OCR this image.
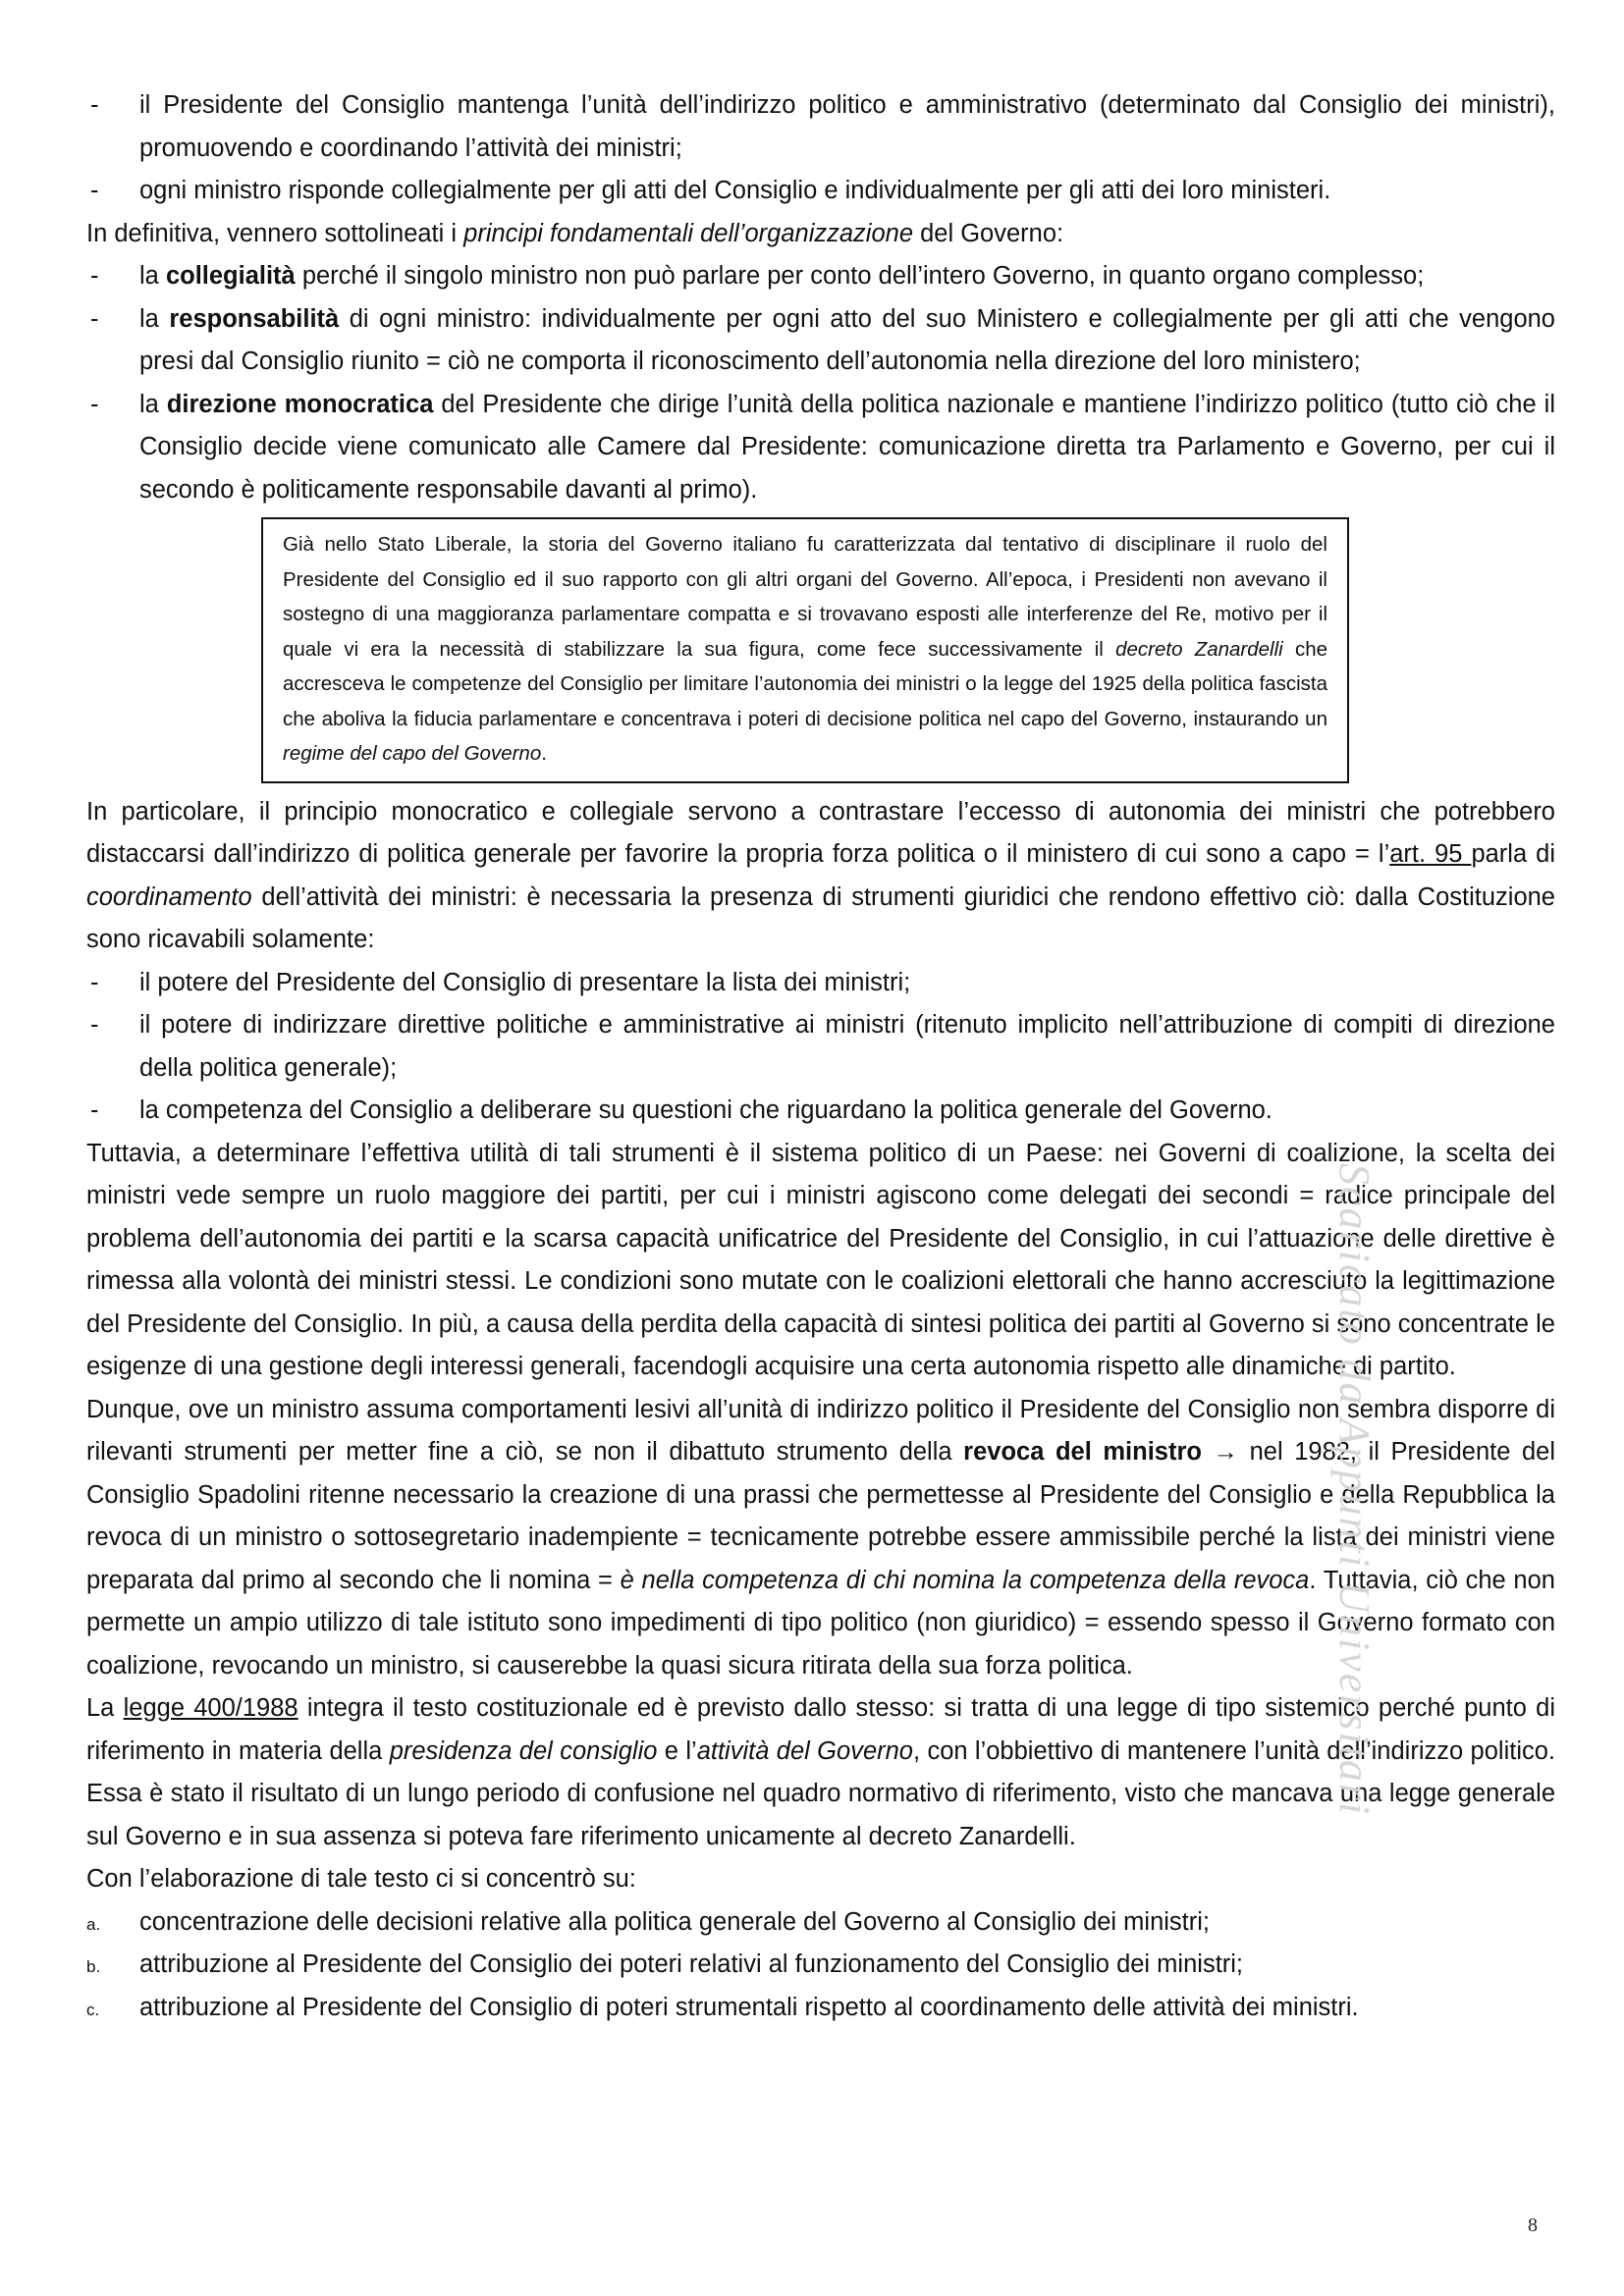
- il Presidente del Consiglio mantenga l’unità dell’indirizzo politico e amministrativo (determinato dal Consiglio dei ministri), promuovendo e coordinando l’attività dei ministri;

- ogni ministro risponde collegialmente per gli atti del Consiglio e individualmente per gli atti dei loro ministeri.

In definitiva, vennero sottolineati i principi fondamentali dell’organizzazione del Governo:

- la collegialità perché il singolo ministro non può parlare per conto dell’intero Governo, in quanto organo complesso;

- la responsabilità di ogni ministro: individualmente per ogni atto del suo Ministero e collegialmente per gli atti che vengono presi dal Consiglio riunito = ciò ne comporta il riconoscimento dell’autonomia nella direzione del loro ministero;

- la direzione monocratica del Presidente che dirige l’unità della politica nazionale e mantiene l’indirizzo politico (tutto ciò che il Consiglio decide viene comunicato alle Camere dal Presidente: comunicazione diretta tra Parlamento e Governo, per cui il secondo è politicamente responsabile davanti al primo).

Già nello Stato Liberale, la storia del Governo italiano fu caratterizzata dal tentativo di disciplinare il ruolo del Presidente del Consiglio ed il suo rapporto con gli altri organi del Governo. All’epoca, i Presidenti non avevano il sostegno di una maggioranza parlamentare compatta e si trovavano esposti alle interferenze del Re, motivo per il quale vi era la necessità di stabilizzare la sua figura, come fece successivamente il decreto Zanardelli che accresceva le competenze del Consiglio per limitare l’autonomia dei ministri o la legge del 1925 della politica fascista che aboliva la fiducia parlamentare e concentrava i poteri di decisione politica nel capo del Governo, instaurando un regime del capo del Governo.

In particolare, il principio monocratico e collegiale servono a contrastare l’eccesso di autonomia dei ministri che potrebbero distaccarsi dall’indirizzo di politica generale per favorire la propria forza politica o il ministero di cui sono a capo = l’art. 95 parla di coordinamento dell’attività dei ministri: è necessaria la presenza di strumenti giuridici che rendono effettivo ciò: dalla Costituzione sono ricavabili solamente:

- il potere del Presidente del Consiglio di presentare la lista dei ministri;

- il potere di indirizzare direttive politiche e amministrative ai ministri (ritenuto implicito nell’attribuzione di compiti di direzione della politica generale);

- la competenza del Consiglio a deliberare su questioni che riguardano la politica generale del Governo.

Tuttavia, a determinare l’effettiva utilità di tali strumenti è il sistema politico di un Paese: nei Governi di coalizione, la scelta dei ministri vede sempre un ruolo maggiore dei partiti, per cui i ministri agiscono come delegati dei secondi = radice principale del problema dell’autonomia dei partiti e la scarsa capacità unificatrice del Presidente del Consiglio, in cui l’attuazione delle direttive è rimessa alla volontà dei ministri stessi. Le condizioni sono mutate con le coalizioni elettorali che hanno accresciuto la legittimazione del Presidente del Consiglio. In più, a causa della perdita della capacità di sintesi politica dei partiti al Governo si sono concentrate le esigenze di una gestione degli interessi generali, facendogli acquisire una certa autonomia rispetto alle dinamiche di partito.

Dunque, ove un ministro assuma comportamenti lesivi all’unità di indirizzo politico il Presidente del Consiglio non sembra disporre di rilevanti strumenti per metter fine a ciò, se non il dibattuto strumento della revoca del ministro → nel 1982, il Presidente del Consiglio Spadolini ritenne necessario la creazione di una prassi che permettesse al Presidente del Consiglio e della Repubblica la revoca di un ministro o sottosegretario inadempiente = tecnicamente potrebbe essere ammissibile perché la lista dei ministri viene preparata dal primo al secondo che li nomina = è nella competenza di chi nomina la competenza della revoca. Tuttavia, ciò che non permette un ampio utilizzo di tale istituto sono impedimenti di tipo politico (non giuridico) = essendo spesso il Governo formato con coalizione, revocando un ministro, si causerebbe la quasi sicura ritirata della sua forza politica.

La legge 400/1988 integra il testo costituzionale ed è previsto dallo stesso: si tratta di una legge di tipo sistemico perché punto di riferimento in materia della presidenza del consiglio e l’attività del Governo, con l’obbiettivo di mantenere l’unità dell’indirizzo politico. Essa è stato il risultato di un lungo periodo di confusione nel quadro normativo di riferimento, visto che mancava una legge generale sul Governo e in sua assenza si poteva fare riferimento unicamente al decreto Zanardelli.

Con l’elaborazione di tale testo ci si concentrò su:

a. concentrazione delle decisioni relative alla politica generale del Governo al Consiglio dei ministri;

b. attribuzione al Presidente del Consiglio dei poteri relativi al funzionamento del Consiglio dei ministri;

c. attribuzione al Presidente del Consiglio di poteri strumentali rispetto al coordinamento delle attività dei ministri.

Scaricato da Appunti Universitari
8
